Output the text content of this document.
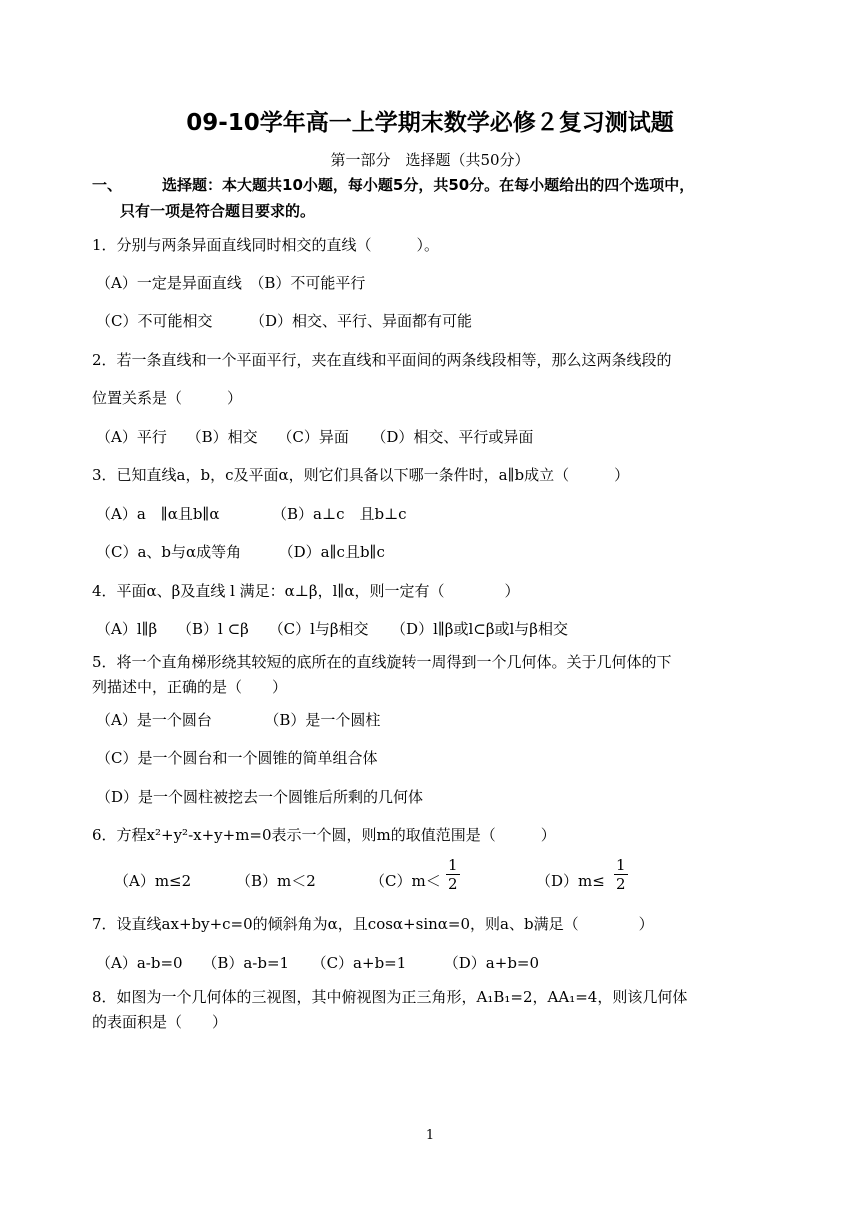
09-10学年高一上学期末数学必修２复习测试题
第一部分　选择题（共50分）
一、	选择题：本大题共10小题，每小题5分，共50分。在每小题给出的四个选项中，
只有一项是符合题目要求的。
1．分别与两条异面直线同时相交的直线（　　　）。
（A）一定是异面直线　（B）不可能平行
（C）不可能相交　　　（D）相交、平行、异面都有可能
2．若一条直线和一个平面平行，夹在直线和平面间的两条线段相等，那么这两条线段的
位置关系是（　　　）
（A）平行　 （B）相交　 （C）异面　　（D）相交、平行或异面
3．已知直线a，b，c及平面α，则它们具备以下哪一条件时，a∥b成立（　　　）
（A）a　∥α且b∥α　　　　（B）a⊥c　且b⊥c
（C）a、b与α成等角　　　（D）a∥c且b∥c
4．平面α、β及直线 l 满足：α⊥β，l∥α，则一定有（　　　　）
（A）l∥β　 （B）l ⊂β　 （C）l与β相交　　（D）l∥β或l⊂β或l与β相交
5．将一个直角梯形绕其较短的底所在的直线旋转一周得到一个几何体。关于几何体的下
列描述中，正确的是（　　）
（A）是一个圆台　　　　（B）是一个圆柱
（C）是一个圆台和一个圆锥的简单组合体
（D）是一个圆柱被挖去一个圆锥后所剩的几何体
6．方程x²+y²-x+y+m=0表示一个圆，则m的取值范围是（　　　）
（A）m≤2	（B）m＜2	$(C)m< \frac{1}{2}$	$(D)m\le \frac{1}{2}$
7．设直线ax+by+c=0的倾斜角为α，且cosα+sinα=0，则a、b满足（　　　　）
（A）a-b=0　 （B）a-b=1　　（C）a+b=1　　　（D）a+b=0
8．如图为一个几何体的三视图，其中俯视图为正三角形，A₁B₁=2，AA₁=4，则该几何体
的表面积是（　　）
1
